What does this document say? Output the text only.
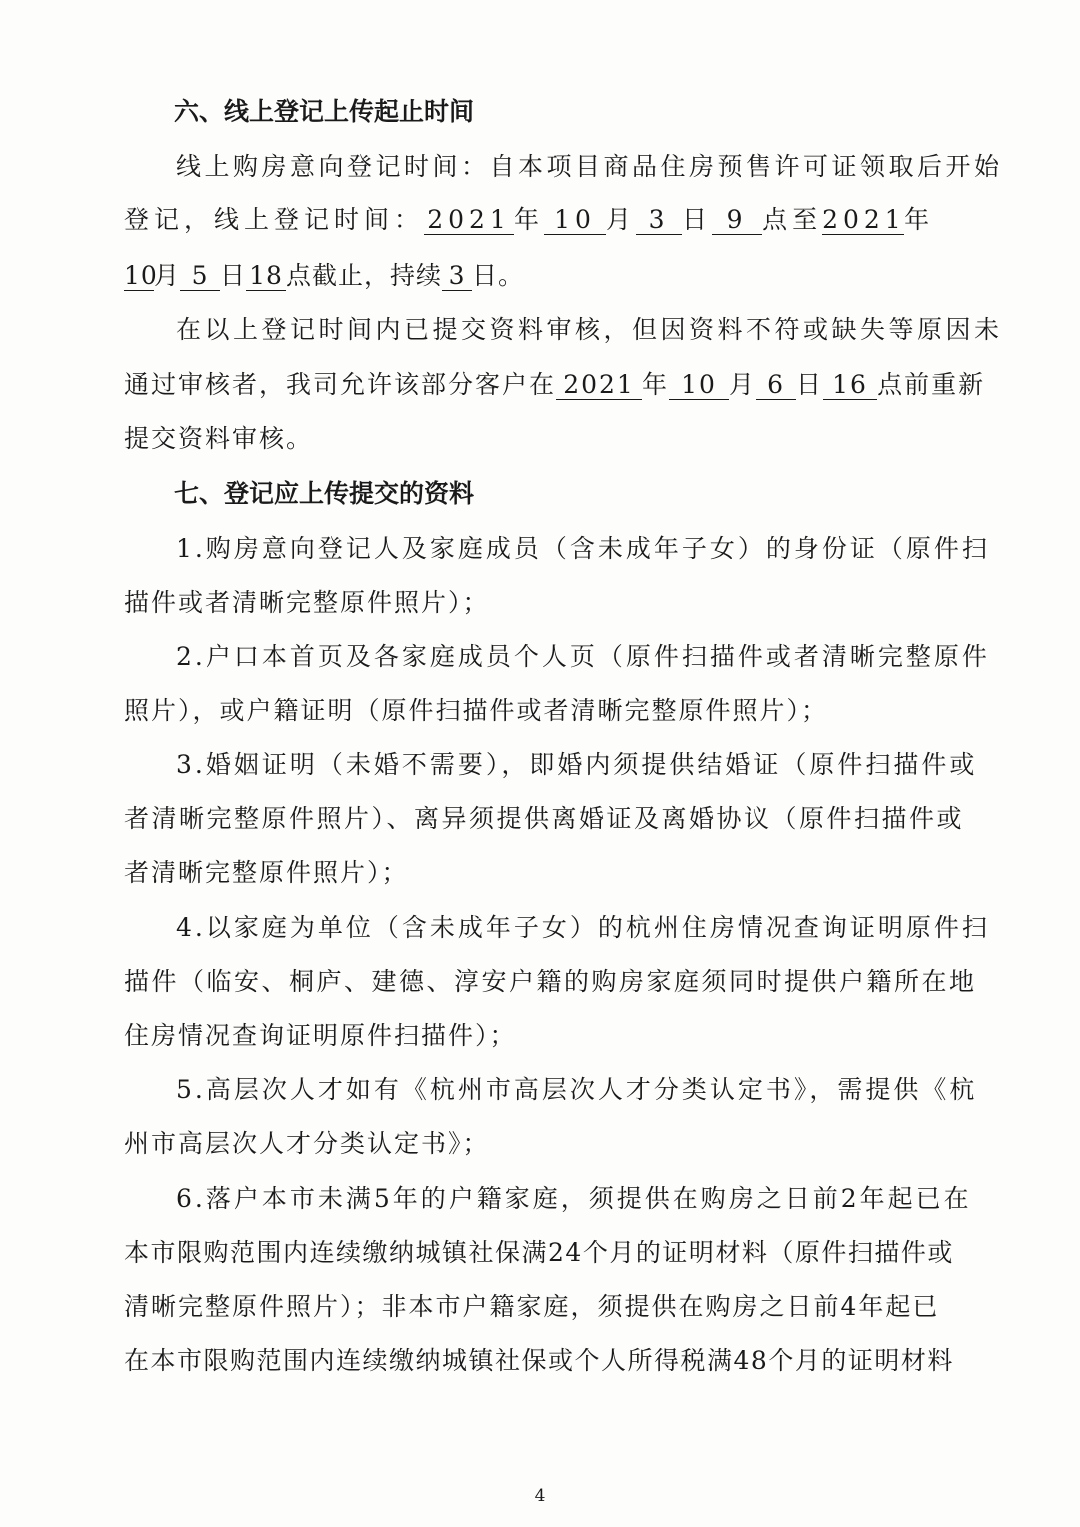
六、线上登记上传起止时间
线上购房意向登记时间：自本项目商品住房预售许可证领取后开始
登记，线上登记时间： 2021 年 10 月 3 日 9 点至2021年
10月 5 日 18 点截止，持续 3 日。
在以上登记时间内已提交资料审核，但因资料不符或缺失等原因未
通过审核者，我司允许该部分客户在 2021 年 10 月 6 日 16 点前重新
提交资料审核。
七、登记应上传提交的资料
1.购房意向登记人及家庭成员（含未成年子女）的身份证（原件扫
描件或者清晰完整原件照片）；
2.户口本首页及各家庭成员个人页（原件扫描件或者清晰完整原件
照片），或户籍证明（原件扫描件或者清晰完整原件照片）；
3.婚姻证明（未婚不需要），即婚内须提供结婚证（原件扫描件或
者清晰完整原件照片）、离异须提供离婚证及离婚协议（原件扫描件或
者清晰完整原件照片）；
4.以家庭为单位（含未成年子女）的杭州住房情况查询证明原件扫
描件（临安、桐庐、建德、淳安户籍的购房家庭须同时提供户籍所在地
住房情况查询证明原件扫描件）；
5.高层次人才如有《杭州市高层次人才分类认定书》，需提供《杭
州市高层次人才分类认定书》；
6.落户本市未满5年的户籍家庭，须提供在购房之日前2年起已在
本市限购范围内连续缴纳城镇社保满24个月的证明材料（原件扫描件或
清晰完整原件照片）；非本市户籍家庭，须提供在购房之日前4年起已
在本市限购范围内连续缴纳城镇社保或个人所得税满48个月的证明材料
4
